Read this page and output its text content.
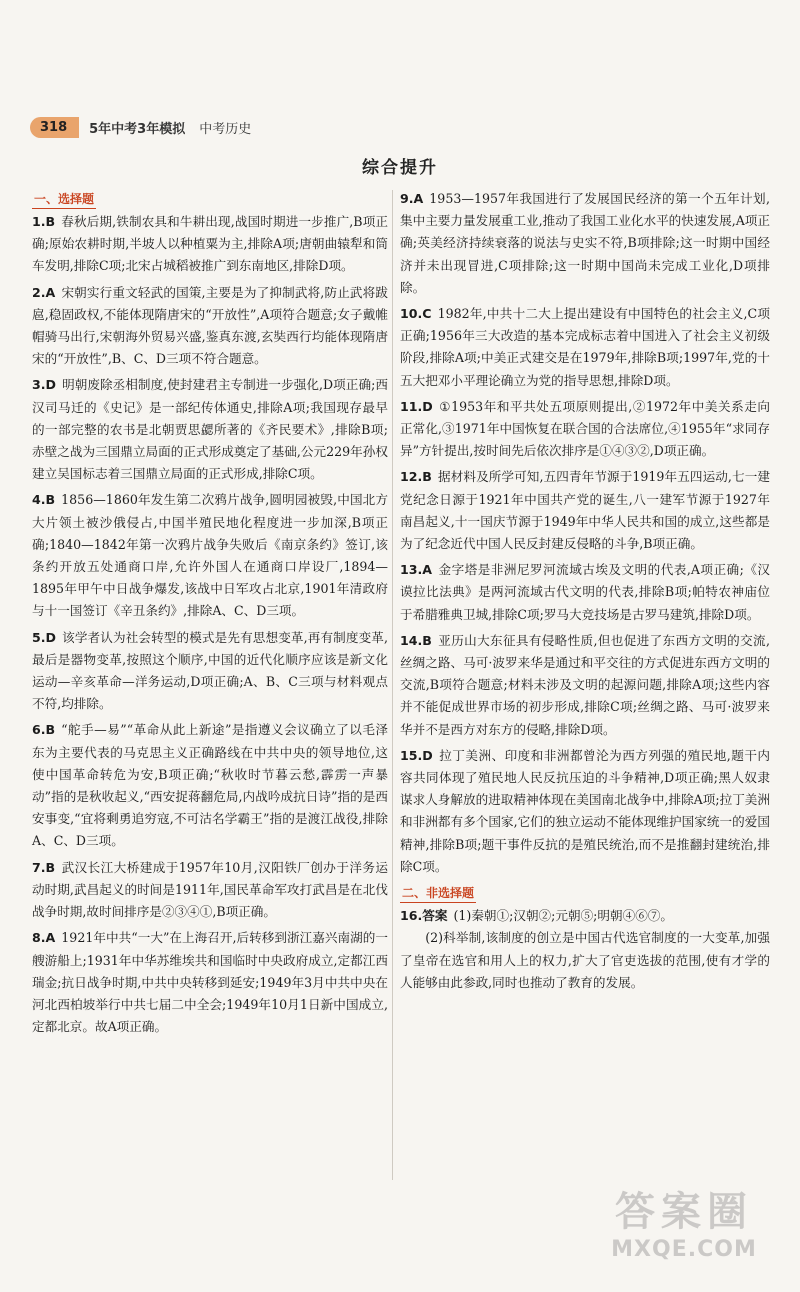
318	5年中考3年模拟 中考历史
综合提升
一、选择题
1.B 春秋后期,铁制农具和牛耕出现,战国时期进一步推广,B项正确;原始农耕时期,半坡人以种植粟为主,排除A项;唐朝曲辕犁和筒车发明,排除C项;北宋占城稻被推广到东南地区,排除D项。
2.A 宋朝实行重文轻武的国策,主要是为了抑制武将,防止武将跋扈,稳固政权,不能体现隋唐宋的“开放性”,A项符合题意;女子戴帷帽骑马出行,宋朝海外贸易兴盛,鉴真东渡,玄奘西行均能体现隋唐宋的“开放性”,B、C、D三项不符合题意。
3.D 明朝废除丞相制度,使封建君主专制进一步强化,D项正确;西汉司马迁的《史记》是一部纪传体通史,排除A项;我国现存最早的一部完整的农书是北朝贾思勰所著的《齐民要术》,排除B项;赤壁之战为三国鼎立局面的正式形成奠定了基础,公元229年孙权建立吴国标志着三国鼎立局面的正式形成,排除C项。
4.B 1856—1860年发生第二次鸦片战争,圆明园被毁,中国北方大片领土被沙俄侵占,中国半殖民地化程度进一步加深,B项正确;1840—1842年第一次鸦片战争失败后《南京条约》签订,该条约开放五处通商口岸,允许外国人在通商口岸设厂,1894—1895年甲午中日战争爆发,该战中日军攻占北京,1901年清政府与十一国签订《辛丑条约》,排除A、C、D三项。
5.D 该学者认为社会转型的模式是先有思想变革,再有制度变革,最后是器物变革,按照这个顺序,中国的近代化顺序应该是新文化运动—辛亥革命—洋务运动,D项正确;A、B、C三项与材料观点不符,均排除。
6.B “舵手—易”“革命从此上新途”是指遵义会议确立了以毛泽东为主要代表的马克思主义正确路线在中共中央的领导地位,这使中国革命转危为安,B项正确;“秋收时节暮云愁,霹雳一声暴动”指的是秋收起义,“西安捉蒋翻危局,内战吟成抗日诗”指的是西安事变,“宜将剩勇追穷寇,不可沽名学霸王”指的是渡江战役,排除A、C、D三项。
7.B 武汉长江大桥建成于1957年10月,汉阳铁厂创办于洋务运动时期,武昌起义的时间是1911年,国民革命军攻打武昌是在北伐战争时期,故时间排序是②③④①,B项正确。
8.A 1921年中共“一大”在上海召开,后转移到浙江嘉兴南湖的一艘游船上;1931年中华苏维埃共和国临时中央政府成立,定都江西瑞金;抗日战争时期,中共中央转移到延安;1949年3月中共中央在河北西柏坡举行中共七届二中全会;1949年10月1日新中国成立,定都北京。故A项正确。
9.A 1953—1957年我国进行了发展国民经济的第一个五年计划,集中主要力量发展重工业,推动了我国工业化水平的快速发展,A项正确;英美经济持续衰落的说法与史实不符,B项排除;这一时期中国经济并未出现冒进,C项排除;这一时期中国尚未完成工业化,D项排除。
10.C 1982年,中共十二大上提出建设有中国特色的社会主义,C项正确;1956年三大改造的基本完成标志着中国进入了社会主义初级阶段,排除A项;中美正式建交是在1979年,排除B项;1997年,党的十五大把邓小平理论确立为党的指导思想,排除D项。
11.D ①1953年和平共处五项原则提出,②1972年中美关系走向正常化,③1971年中国恢复在联合国的合法席位,④1955年“求同存异”方针提出,按时间先后依次排序是①④③②,D项正确。
12.B 据材料及所学可知,五四青年节源于1919年五四运动,七一建党纪念日源于1921年中国共产党的诞生,八一建军节源于1927年南昌起义,十一国庆节源于1949年中华人民共和国的成立,这些都是为了纪念近代中国人民反封建反侵略的斗争,B项正确。
13.A 金字塔是非洲尼罗河流域古埃及文明的代表,A项正确;《汉谟拉比法典》是两河流域古代文明的代表,排除B项;帕特农神庙位于希腊雅典卫城,排除C项;罗马大竞技场是古罗马建筑,排除D项。
14.B 亚历山大东征具有侵略性质,但也促进了东西方文明的交流,丝绸之路、马可·波罗来华是通过和平交往的方式促进东西方文明的交流,B项符合题意;材料未涉及文明的起源问题,排除A项;这些内容并不能促成世界市场的初步形成,排除C项;丝绸之路、马可·波罗来华并不是西方对东方的侵略,排除D项。
15.D 拉丁美洲、印度和非洲都曾沦为西方列强的殖民地,题干内容共同体现了殖民地人民反抗压迫的斗争精神,D项正确;黑人奴隶谋求人身解放的进取精神体现在美国南北战争中,排除A项;拉丁美洲和非洲都有多个国家,它们的独立运动不能体现维护国家统一的爱国精神,排除B项;题干事件反抗的是殖民统治,而不是推翻封建统治,排除C项。
二、非选择题
16.答案 (1)秦朝①;汉朝②;元朝⑤;明朝④⑥⑦。

(2)科举制,该制度的创立是中国古代选官制度的一大变革,加强了皇帝在选官和用人上的权力,扩大了官吏选拔的范围,使有才学的人能够由此参政,同时也推动了教育的发展。

答案圈
MXQE.COM
